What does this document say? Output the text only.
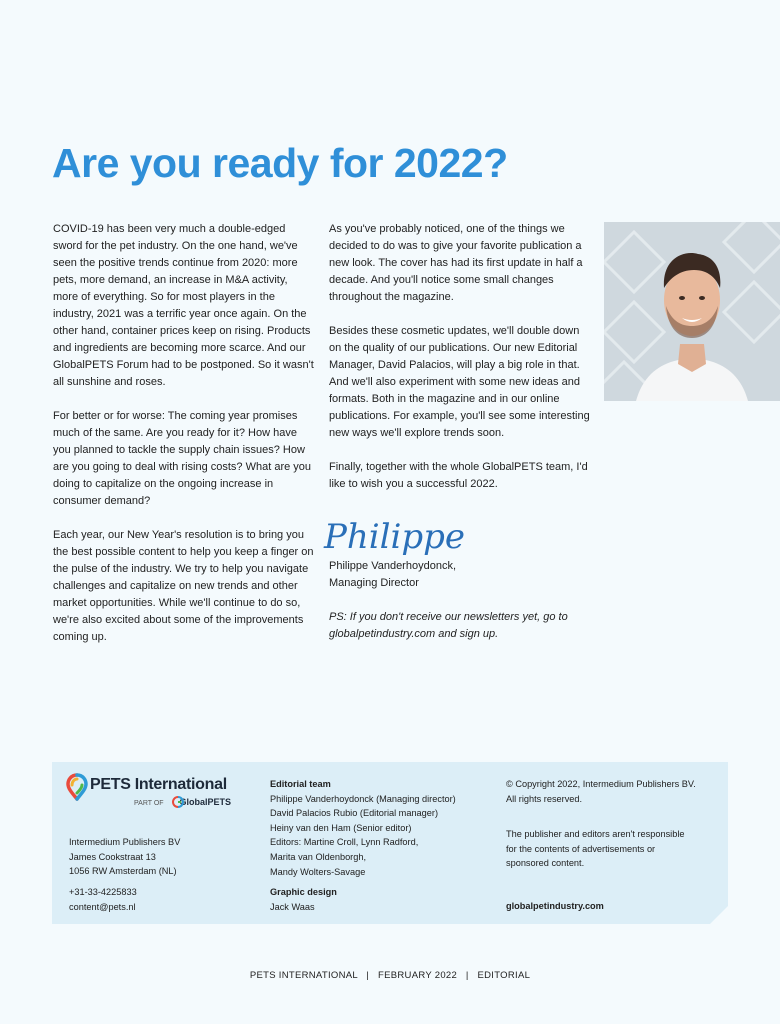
Are you ready for 2022?

COVID-19 has been very much a double-edged sword for the pet industry. On the one hand, we've seen the positive trends continue from 2020: more pets, more demand, an increase in M&A activity, more of everything. So for most players in the industry, 2021 was a terrific year once again. On the other hand, container prices keep on rising. Products and ingredients are becoming more scarce. And our GlobalPETS Forum had to be postponed. So it wasn't all sunshine and roses.

For better or for worse: The coming year promises much of the same. Are you ready for it? How have you planned to tackle the supply chain issues? How are you going to deal with rising costs? What are you doing to capitalize on the ongoing increase in consumer demand?

Each year, our New Year's resolution is to bring you the best possible content to help you keep a finger on the pulse of the industry. We try to help you navigate challenges and capitalize on new trends and other market opportunities. While we'll continue to do so, we're also excited about some of the improvements coming up.

As you've probably noticed, one of the things we decided to do was to give your favorite publication a new look. The cover has had its first update in half a decade. And you'll notice some small changes throughout the magazine.

Besides these cosmetic updates, we'll double down on the quality of our publications. Our new Editorial Manager, David Palacios, will play a big role in that. And we'll also experiment with some new ideas and formats. Both in the magazine and in our online publications. For example, you'll see some interesting new ways we'll explore trends soon.

Finally, together with the whole GlobalPETS team, I'd like to wish you a successful 2022.

Philippe
Philippe Vanderhoydonck,
Managing Director
PS: If you don't receive our newsletters yet, go to globalpetindustry.com and sign up.
PETS International
PART OF GlobalPETS
Intermedium Publishers BV
James Cookstraat 13
1056 RW Amsterdam (NL)
+31-33-4225833
content@pets.nl
Editorial team
Philippe Vanderhoydonck (Managing director)
David Palacios Rubio (Editorial manager)
Heiny van den Ham (Senior editor)
Editors: Martine Croll, Lynn Radford,
Marita van Oldenborgh,
Mandy Wolters-Savage
Graphic design
Jack Waas
© Copyright 2022, Intermedium Publishers BV.
All rights reserved.
The publisher and editors aren't responsible
for the contents of advertisements or
sponsored content.
globalpetindustry.com
PETS INTERNATIONAL   |   FEBRUARY 2022   |   EDITORIAL
